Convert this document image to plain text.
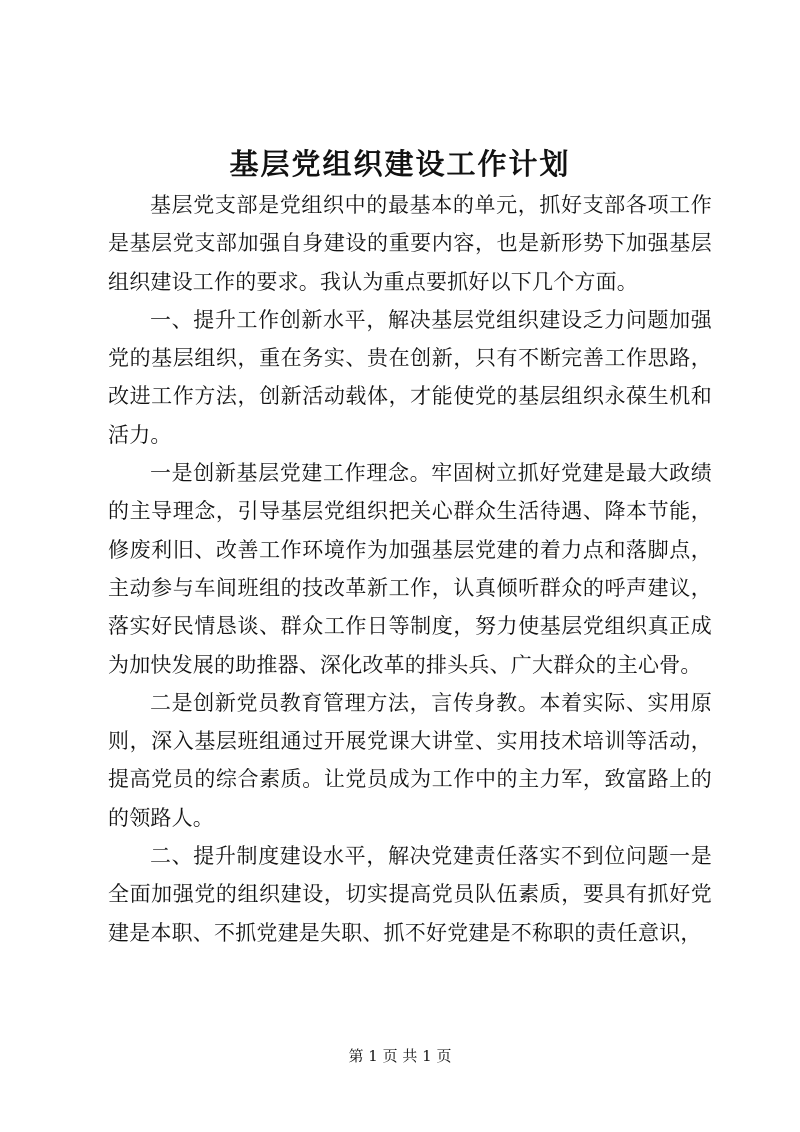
基层党组织建设工作计划

基层党支部是党组织中的最基本的单元，抓好支部各项工作是基层党支部加强自身建设的重要内容，也是新形势下加强基层组织建设工作的要求。我认为重点要抓好以下几个方面。

一、提升工作创新水平，解决基层党组织建设乏力问题加强党的基层组织，重在务实、贵在创新，只有不断完善工作思路，改进工作方法，创新活动载体，才能使党的基层组织永葆生机和活力。

一是创新基层党建工作理念。牢固树立抓好党建是最大政绩的主导理念，引导基层党组织把关心群众生活待遇、降本节能，修废利旧、改善工作环境作为加强基层党建的着力点和落脚点，主动参与车间班组的技改革新工作，认真倾听群众的呼声建议，落实好民情恳谈、群众工作日等制度，努力使基层党组织真正成为加快发展的助推器、深化改革的排头兵、广大群众的主心骨。

二是创新党员教育管理方法，言传身教。本着实际、实用原则，深入基层班组通过开展党课大讲堂、实用技术培训等活动，提高党员的综合素质。让党员成为工作中的主力军，致富路上的的领路人。

二、提升制度建设水平，解决党建责任落实不到位问题一是全面加强党的组织建设，切实提高党员队伍素质，要具有抓好党建是本职、不抓党建是失职、抓不好党建是不称职的责任意识，

第 1 页 共 1 页
